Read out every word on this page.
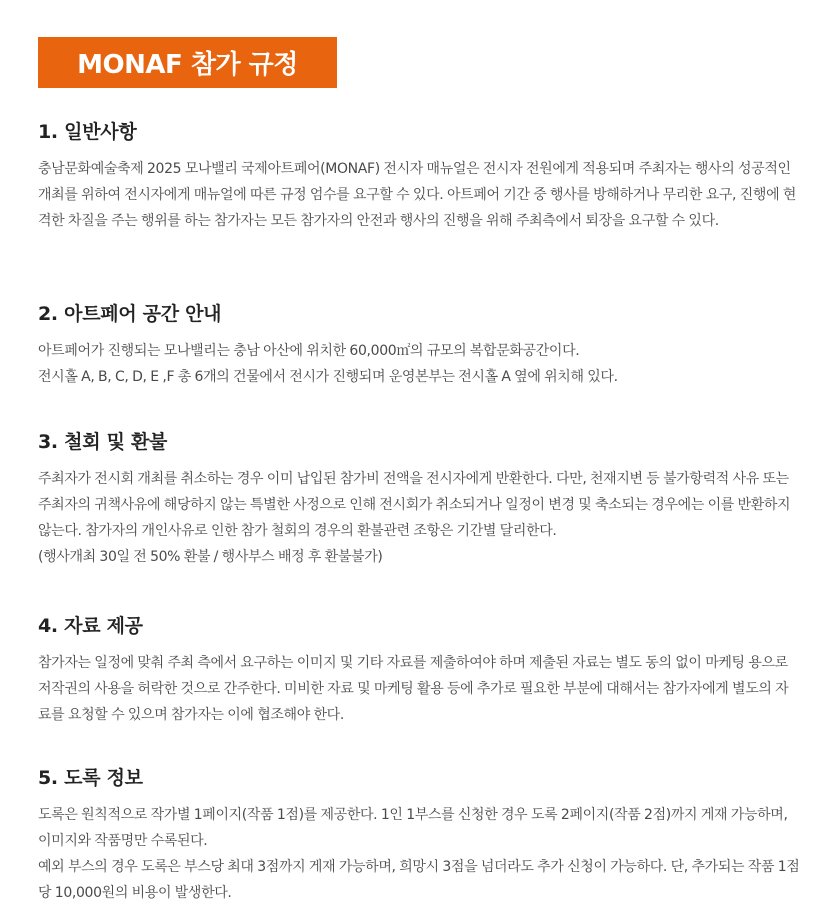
MONAF 참가 규정
1. 일반사항

충남문화예술축제 2025 모나밸리 국제아트페어(MONAF) 전시자 매뉴얼은 전시자 전원에게 적용되며 주최자는 행사의 성공적인 개최를 위하여 전시자에게 매뉴얼에 따른 규정 엄수를 요구할 수 있다. 아트페어 기간 중 행사를 방해하거나 무리한 요구, 진행에 현격한 차질을 주는 행위를 하는 참가자는 모든 참가자의 안전과 행사의 진행을 위해 주최측에서 퇴장을 요구할 수 있다.

2. 아트페어 공간 안내

아트페어가 진행되는 모나밸리는 충남 아산에 위치한 60,000㎡의 규모의 복합문화공간이다.

전시홀 A, B, C, D, E ,F 총 6개의 건물에서 전시가 진행되며 운영본부는 전시홀 A 옆에 위치해 있다.

3. 철회 및 환불

주최자가 전시회 개최를 취소하는 경우 이미 납입된 참가비 전액을 전시자에게 반환한다. 다만, 천재지변 등 불가항력적 사유 또는 주최자의 귀책사유에 해당하지 않는 특별한 사정으로 인해 전시회가 취소되거나 일정이 변경 및 축소되는 경우에는 이를 반환하지 않는다. 참가자의 개인사유로 인한 참가 철회의 경우의 환불관련 조항은 기간별 달리한다.

(행사개최 30일 전 50% 환불 / 행사부스 배정 후 환불불가)

4. 자료 제공

참가자는 일정에 맞춰 주최 측에서 요구하는 이미지 및 기타 자료를 제출하여야 하며 제출된 자료는 별도 동의 없이 마케팅 용으로 저작권의 사용을 허락한 것으로 간주한다. 미비한 자료 및 마케팅 활용 등에 추가로 필요한 부분에 대해서는 참가자에게 별도의 자료를 요청할 수 있으며 참가자는 이에 협조해야 한다.

5. 도록 정보

도록은 원칙적으로 작가별 1페이지(작품 1점)를 제공한다. 1인 1부스를 신청한 경우 도록 2페이지(작품 2점)까지 게재 가능하며, 이미지와 작품명만 수록된다.

예외 부스의 경우 도록은 부스당 최대 3점까지 게재 가능하며, 희망시 3점을 넘더라도 추가 신청이 가능하다. 단, 추가되는 작품 1점당 10,000원의 비용이 발생한다.
